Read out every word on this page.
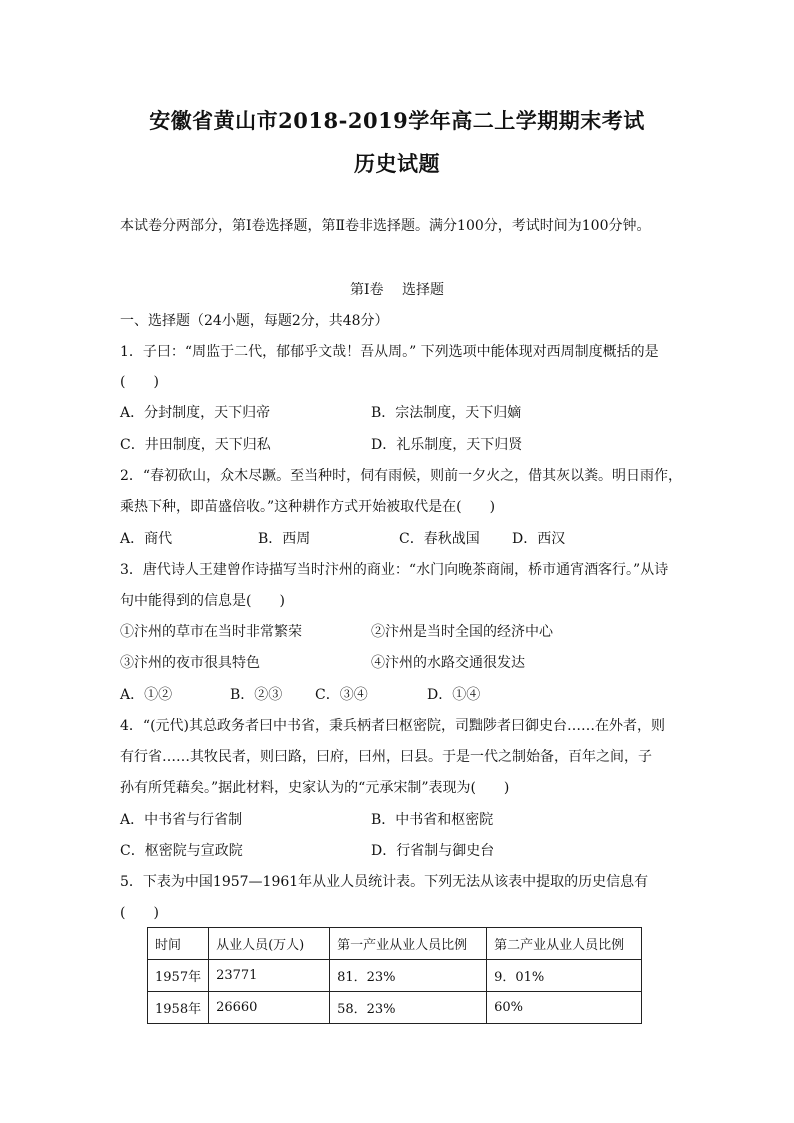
安徽省黄山市2018-2019学年高二上学期期末考试
历史试题
本试卷分两部分，第Ⅰ卷选择题，第Ⅱ卷非选择题。满分100分，考试时间为100分钟。
第Ⅰ卷　 选择题
一、选择题（24小题，每题2分，共48分）
1．子曰：“周监于二代，郁郁乎文哉！吾从周。” 下列选项中能体现对西周制度概括的是
(　　)
A．分封制度，天下归帝	B．宗法制度，天下归嫡
C．井田制度，天下归私	D．礼乐制度，天下归贤
2．“春初砍山，众木尽蹶。至当种时，伺有雨候，则前一夕火之，借其灰以粪。明日雨作，
乘热下种，即苗盛倍收。”这种耕作方式开始被取代是在(　　)
A．商代	B．西周	C．春秋战国 D．西汉
3．唐代诗人王建曾作诗描写当时汴州的商业：“水门向晚茶商闹，桥市通宵酒客行。”从诗
句中能得到的信息是(　　)
①汴州的草市在当时非常繁荣	②汴州是当时全国的经济中心
③汴州的夜市很具特色	④汴州的水路交通很发达
A．①②	B．②③ C．③④	D．①④
4．“(元代)其总政务者曰中书省，秉兵柄者曰枢密院，司黜陟者曰御史台……在外者，则
有行省……其牧民者，则曰路，曰府，曰州，曰县。于是一代之制始备，百年之间，子
孙有所凭藉矣。”据此材料，史家认为的“元承宋制”表现为(　　)
A．中书省与行省制	B．中书省和枢密院
C．枢密院与宣政院	D．行省制与御史台
5．下表为中国1957—1961年从业人员统计表。下列无法从该表中提取的历史信息有
(　　)
时间	从业人员(万人)	第一产业从业人员比例	第二产业从业人员比例
1957年	23771	81．23%	9．01%
1958年	26660	58．23%	60%
